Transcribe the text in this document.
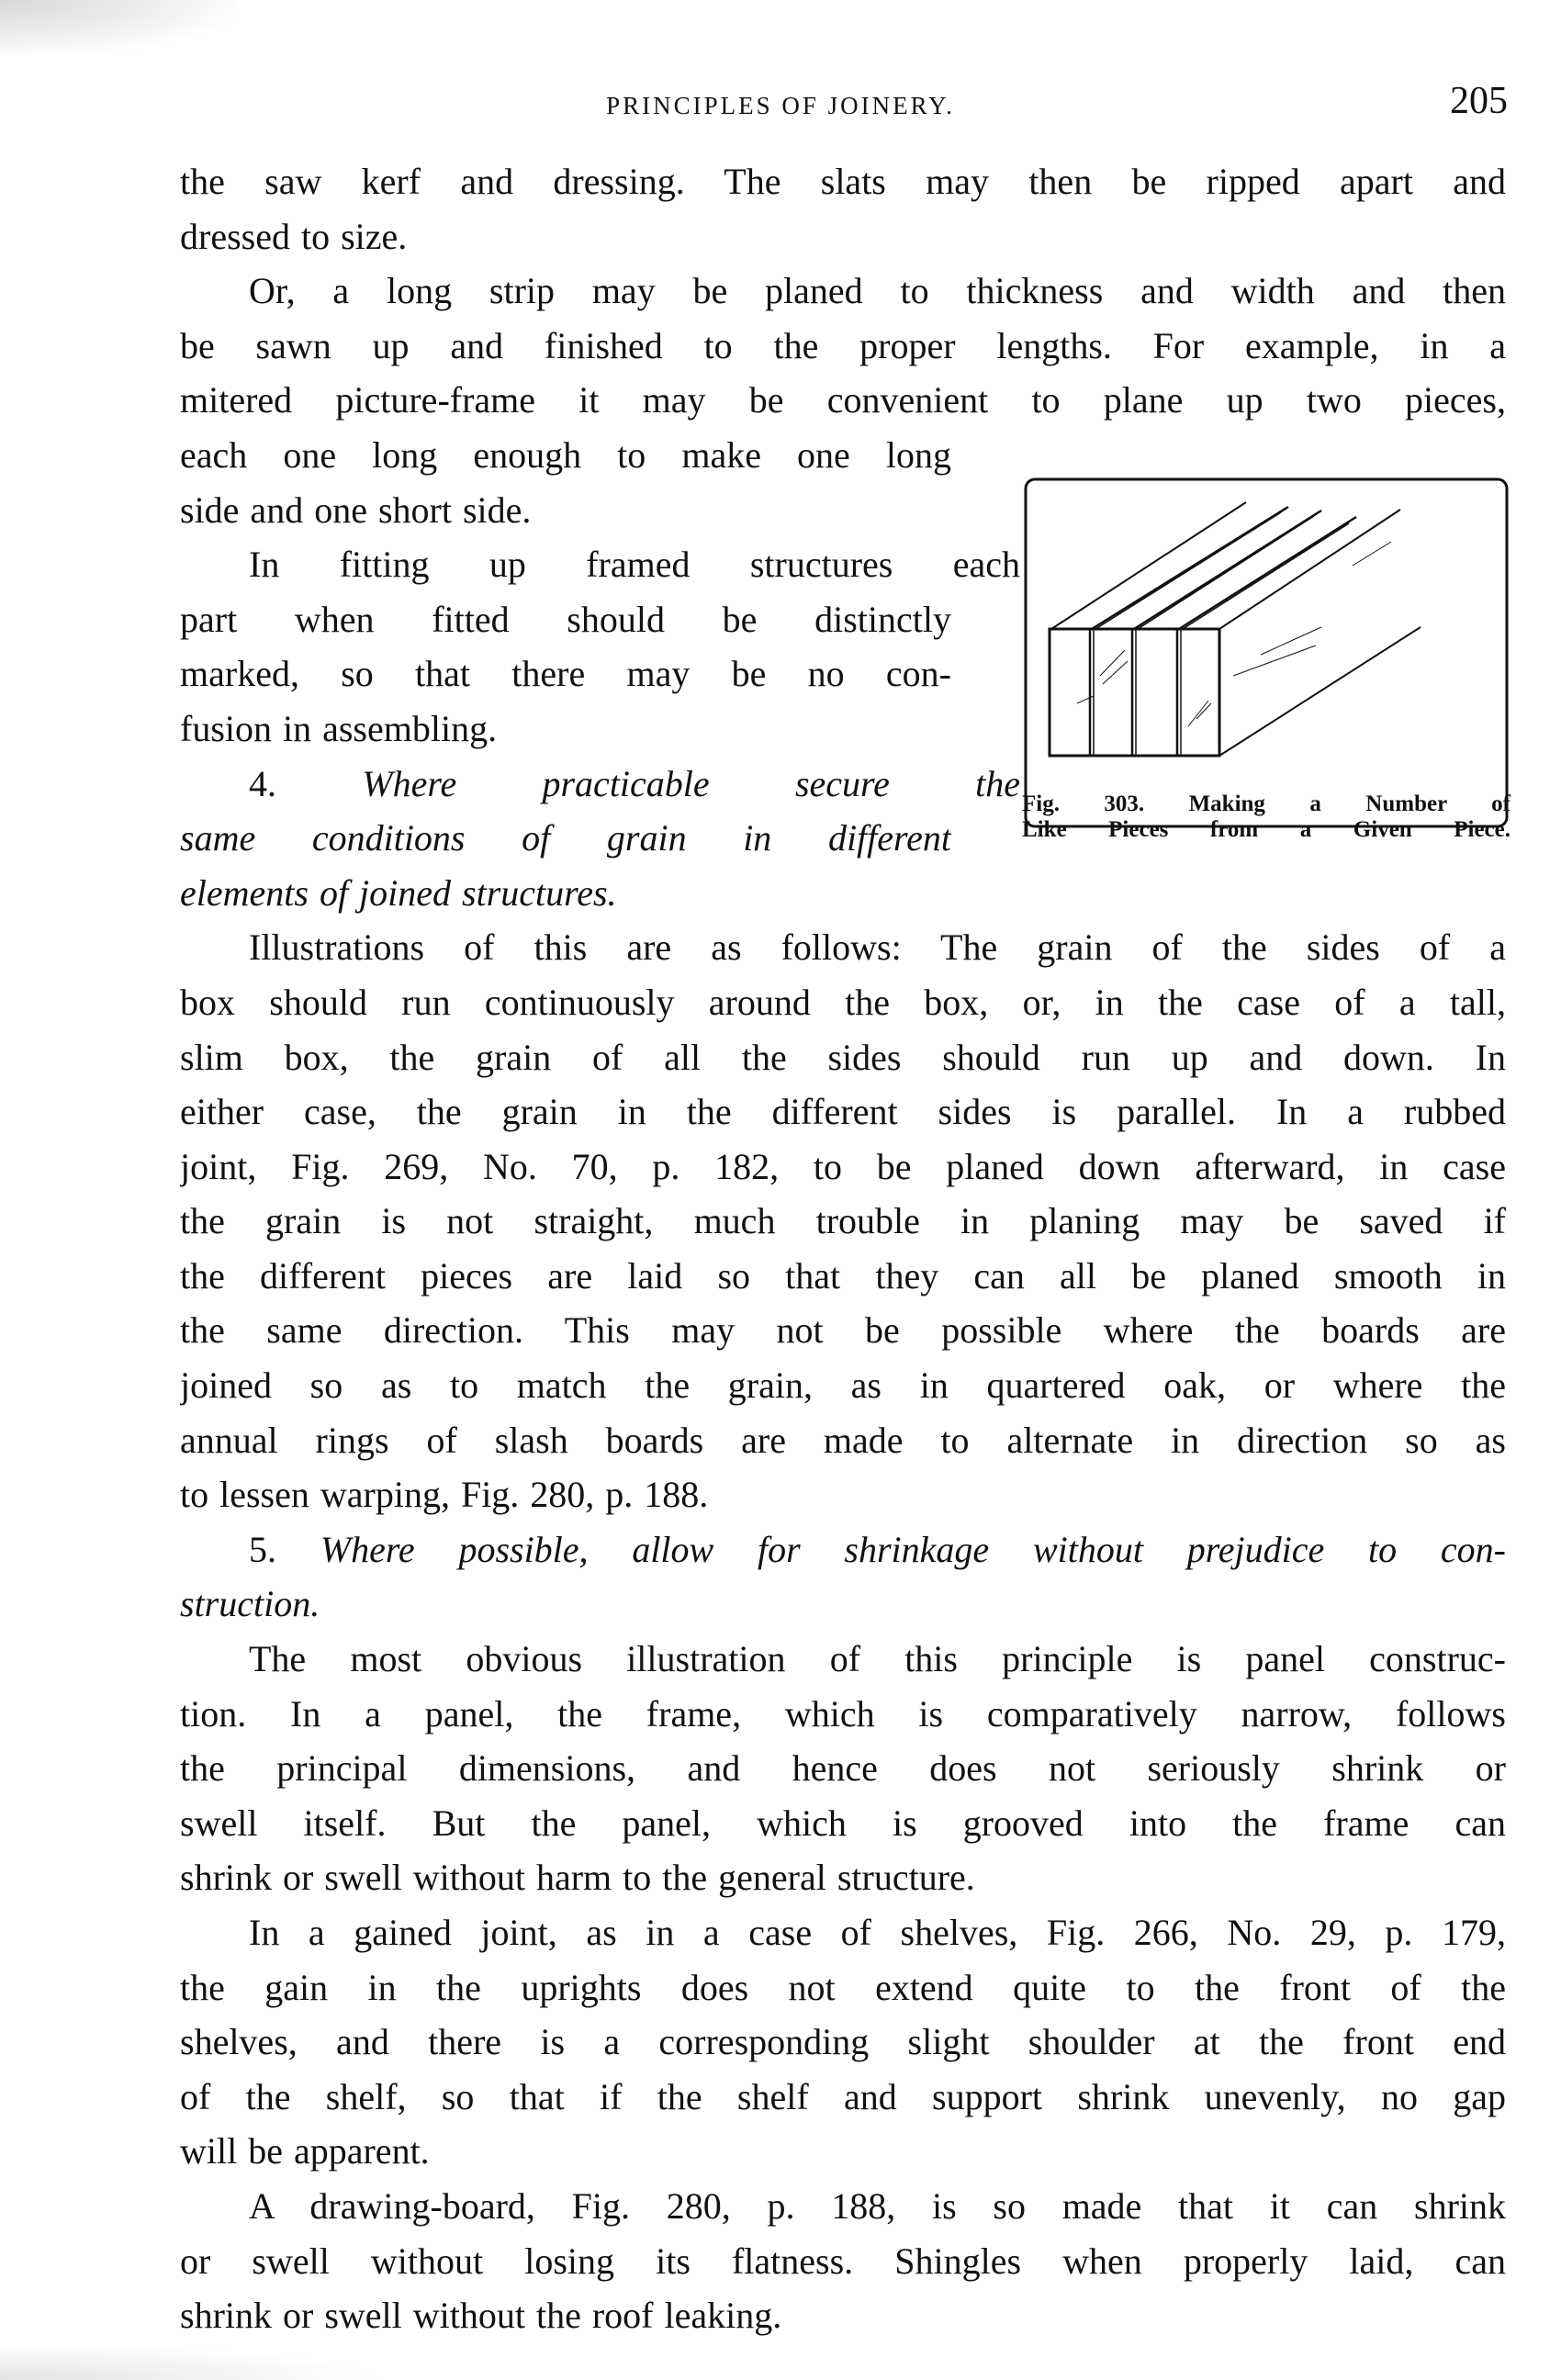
PRINCIPLES OF JOINERY.	205
the saw kerf and dressing. The slats may then be ripped apart and
dressed to size.
Or, a long strip may be planed to thickness and width and then
be sawn up and finished to the proper lengths. For example, in a
mitered picture-frame it may be convenient to plane up two pieces,
each one long enough to make one long
side and one short side.
In fitting up framed structures each
part when fitted should be distinctly
marked, so that there may be no con-
fusion in assembling.
4. Where practicable secure the
same conditions of grain in different
elements of joined structures.
Illustrations of this are as follows: The grain of the sides of a
box should run continuously around the box, or, in the case of a tall,
slim box, the grain of all the sides should run up and down. In
either case, the grain in the different sides is parallel. In a rubbed
joint, Fig. 269, No. 70, p. 182, to be planed down afterward, in case
the grain is not straight, much trouble in planing may be saved if
the different pieces are laid so that they can all be planed smooth in
the same direction. This may not be possible where the boards are
joined so as to match the grain, as in quartered oak, or where the
annual rings of slash boards are made to alternate in direction so as
to lessen warping, Fig. 280, p. 188.
5. Where possible, allow for shrinkage without prejudice to con-
struction.
The most obvious illustration of this principle is panel construc-
tion. In a panel, the frame, which is comparatively narrow, follows
the principal dimensions, and hence does not seriously shrink or
swell itself. But the panel, which is grooved into the frame can
shrink or swell without harm to the general structure.
In a gained joint, as in a case of shelves, Fig. 266, No. 29, p. 179,
the gain in the uprights does not extend quite to the front of the
shelves, and there is a corresponding slight shoulder at the front end
of the shelf, so that if the shelf and support shrink unevenly, no gap
will be apparent.
A drawing-board, Fig. 280, p. 188, is so made that it can shrink
or swell without losing its flatness. Shingles when properly laid, can
shrink or swell without the roof leaking.
Fig. 303. Making a Number of
Like Pieces from a Given Piece.
